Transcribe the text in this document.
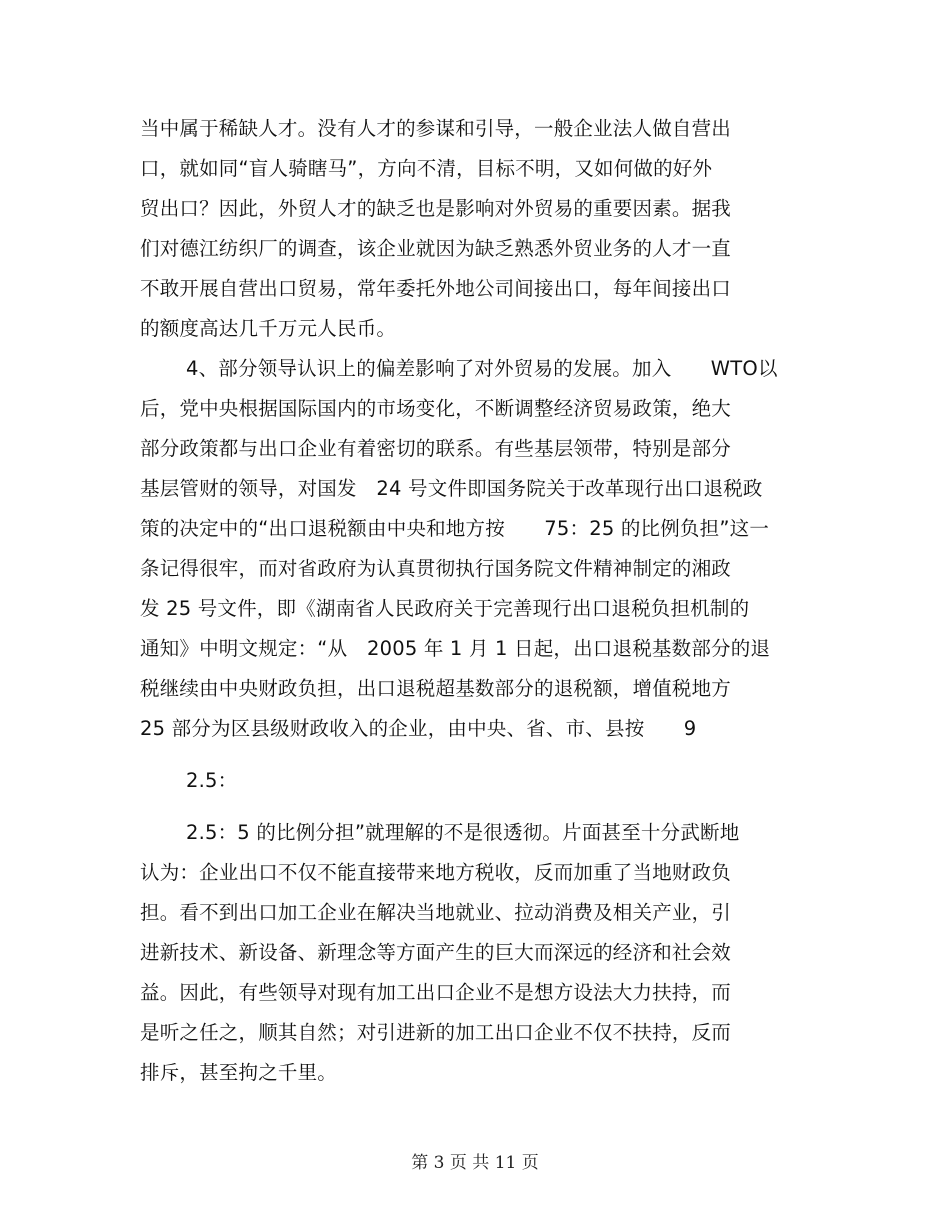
当中属于稀缺人才。没有人才的参谋和引导，一般企业法人做自营出
口，就如同“盲人骑瞎马”，方向不清，目标不明，又如何做的好外
贸出口？因此，外贸人才的缺乏也是影响对外贸易的重要因素。据我
们对德江纺织厂的调查，该企业就因为缺乏熟悉外贸业务的人才一直
不敢开展自营出口贸易，常年委托外地公司间接出口，每年间接出口
的额度高达几千万元人民币。
4、部分领导认识上的偏差影响了对外贸易的发展。加入　　WTO以
后，党中央根据国际国内的市场变化，不断调整经济贸易政策，绝大
部分政策都与出口企业有着密切的联系。有些基层领带，特别是部分
基层管财的领导，对国发　24 号文件即国务院关于改革现行出口退税政
策的决定中的“出口退税额由中央和地方按　　75：25 的比例负担”这一
条记得很牢，而对省政府为认真贯彻执行国务院文件精神制定的湘政
发 25 号文件，即《湖南省人民政府关于完善现行出口退税负担机制的
通知》中明文规定：“从　2005 年 1 月 1 日起，出口退税基数部分的退
税继续由中央财政负担，出口退税超基数部分的退税额，增值税地方
25 部分为区县级财政收入的企业，由中央、省、市、县按　　9
2.5：
2.5：5 的比例分担”就理解的不是很透彻。片面甚至十分武断地
认为：企业出口不仅不能直接带来地方税收，反而加重了当地财政负
担。看不到出口加工企业在解决当地就业、拉动消费及相关产业，引
进新技术、新设备、新理念等方面产生的巨大而深远的经济和社会效
益。因此，有些领导对现有加工出口企业不是想方设法大力扶持，而
是听之任之，顺其自然；对引进新的加工出口企业不仅不扶持，反而
排斥，甚至拘之千里。
第 3 页 共 11 页
